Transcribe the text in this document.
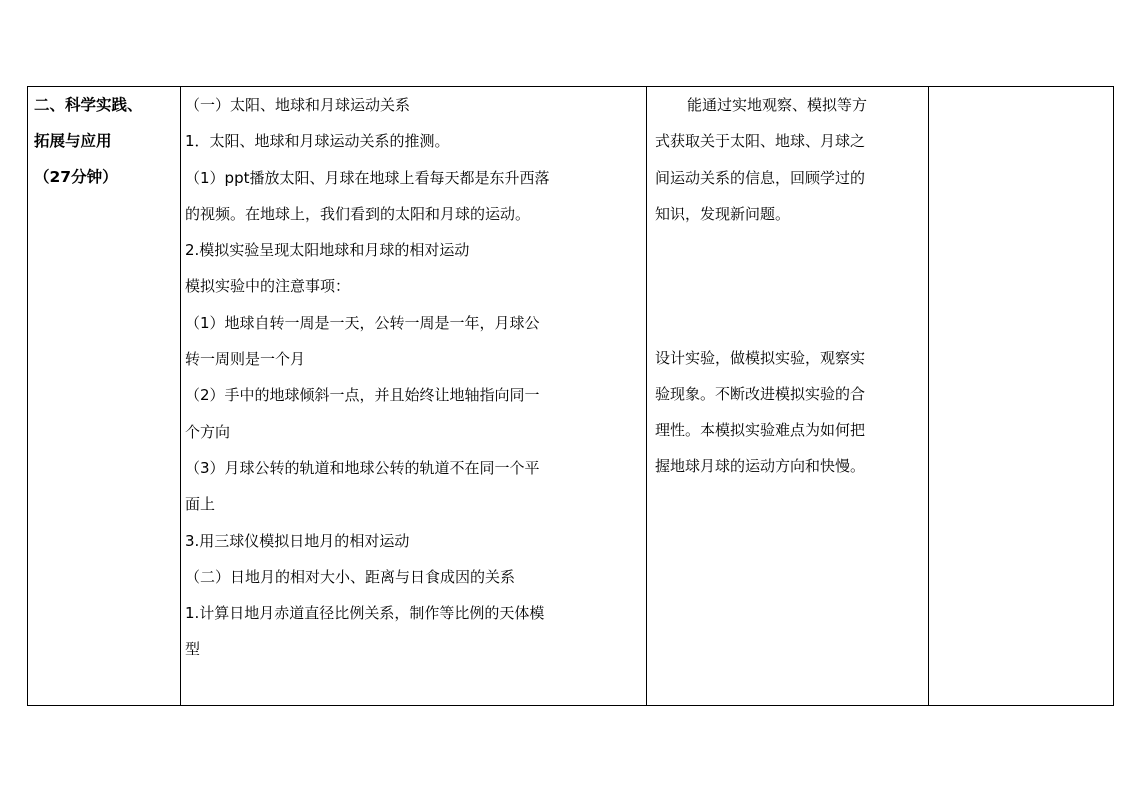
二、科学实践、
拓展与应用
（27分钟）

（一）太阳、地球和月球运动关系
1．太阳、地球和月球运动关系的推测。
（1）ppt播放太阳、月球在地球上看每天都是东升西落
的视频。在地球上，我们看到的太阳和月球的运动。
2.模拟实验呈现太阳地球和月球的相对运动
模拟实验中的注意事项：
（1）地球自转一周是一天，公转一周是一年，月球公
转一周则是一个月
（2）手中的地球倾斜一点，并且始终让地轴指向同一
个方向
（3）月球公转的轨道和地球公转的轨道不在同一个平
面上
3.用三球仪模拟日地月的相对运动
（二）日地月的相对大小、距离与日食成因的关系
1.计算日地月赤道直径比例关系，制作等比例的天体模
型

能通过实地观察、模拟等方
式获取关于太阳、地球、月球之
间运动关系的信息，回顾学过的
知识，发现新问题。
设计实验，做模拟实验，观察实
验现象。不断改进模拟实验的合
理性。本模拟实验难点为如何把
握地球月球的运动方向和快慢。
